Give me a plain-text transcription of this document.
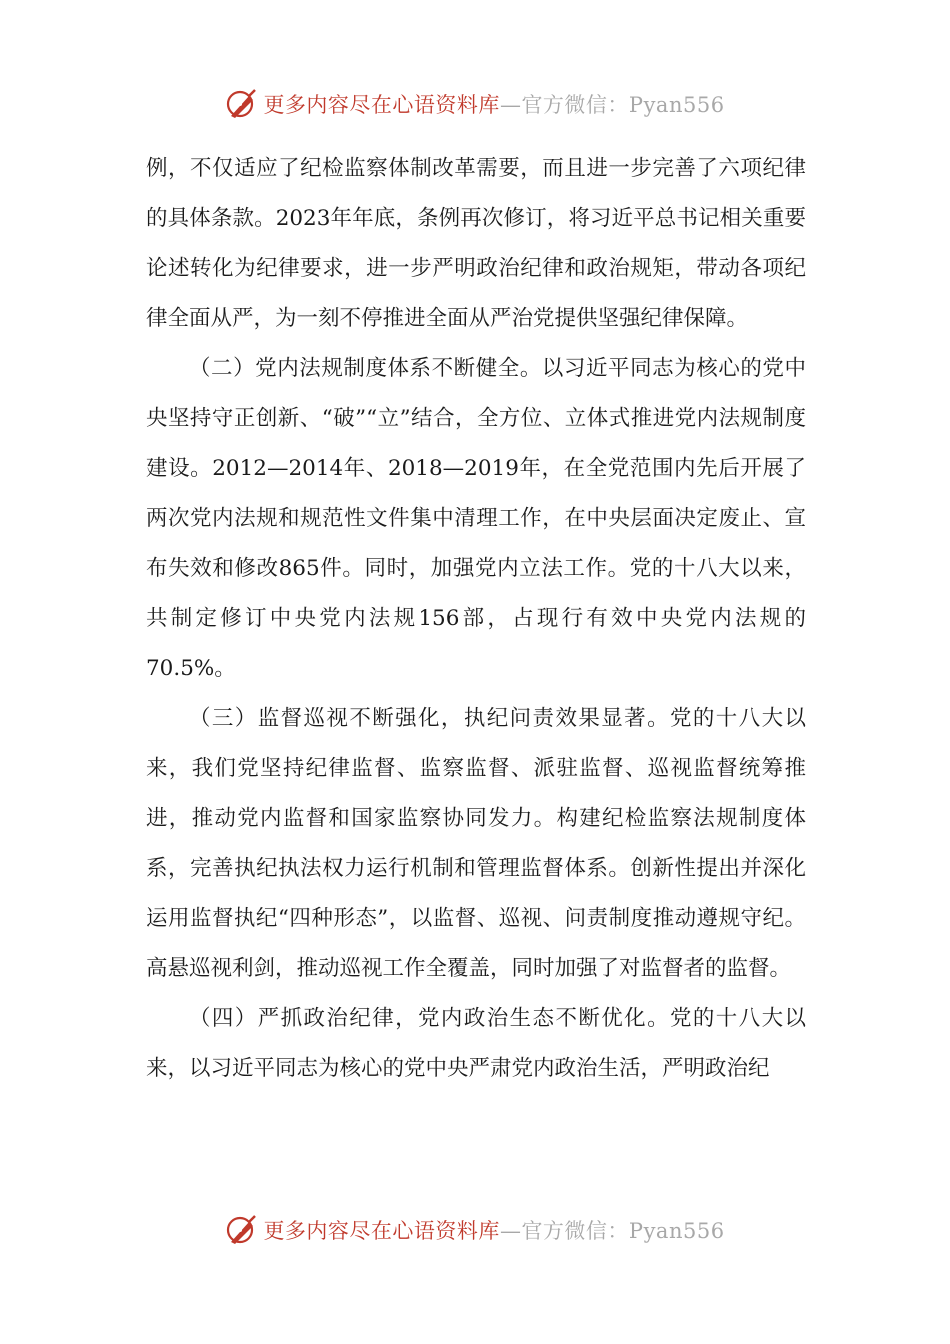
更多内容尽在心语资料库—官方微信：Pyan556

例，不仅适应了纪检监察体制改革需要，而且进一步完善了六项纪律的具体条款。2023年年底，条例再次修订，将习近平总书记相关重要论述转化为纪律要求，进一步严明政治纪律和政治规矩，带动各项纪律全面从严，为一刻不停推进全面从严治党提供坚强纪律保障。

（二）党内法规制度体系不断健全。以习近平同志为核心的党中央坚持守正创新、“破”“立”结合，全方位、立体式推进党内法规制度建设。2012—2014年、2018—2019年，在全党范围内先后开展了两次党内法规和规范性文件集中清理工作，在中央层面决定废止、宣布失效和修改865件。同时，加强党内立法工作。党的十八大以来，共制定修订中央党内法规156部，占现行有效中央党内法规的70.5%。

（三）监督巡视不断强化，执纪问责效果显著。党的十八大以来，我们党坚持纪律监督、监察监督、派驻监督、巡视监督统筹推进，推动党内监督和国家监察协同发力。构建纪检监察法规制度体系，完善执纪执法权力运行机制和管理监督体系。创新性提出并深化运用监督执纪“四种形态”，以监督、巡视、问责制度推动遵规守纪。高悬巡视利剑，推动巡视工作全覆盖，同时加强了对监督者的监督。

（四）严抓政治纪律，党内政治生态不断优化。党的十八大以来，以习近平同志为核心的党中央严肃党内政治生活，严明政治纪

更多内容尽在心语资料库—官方微信：Pyan556
